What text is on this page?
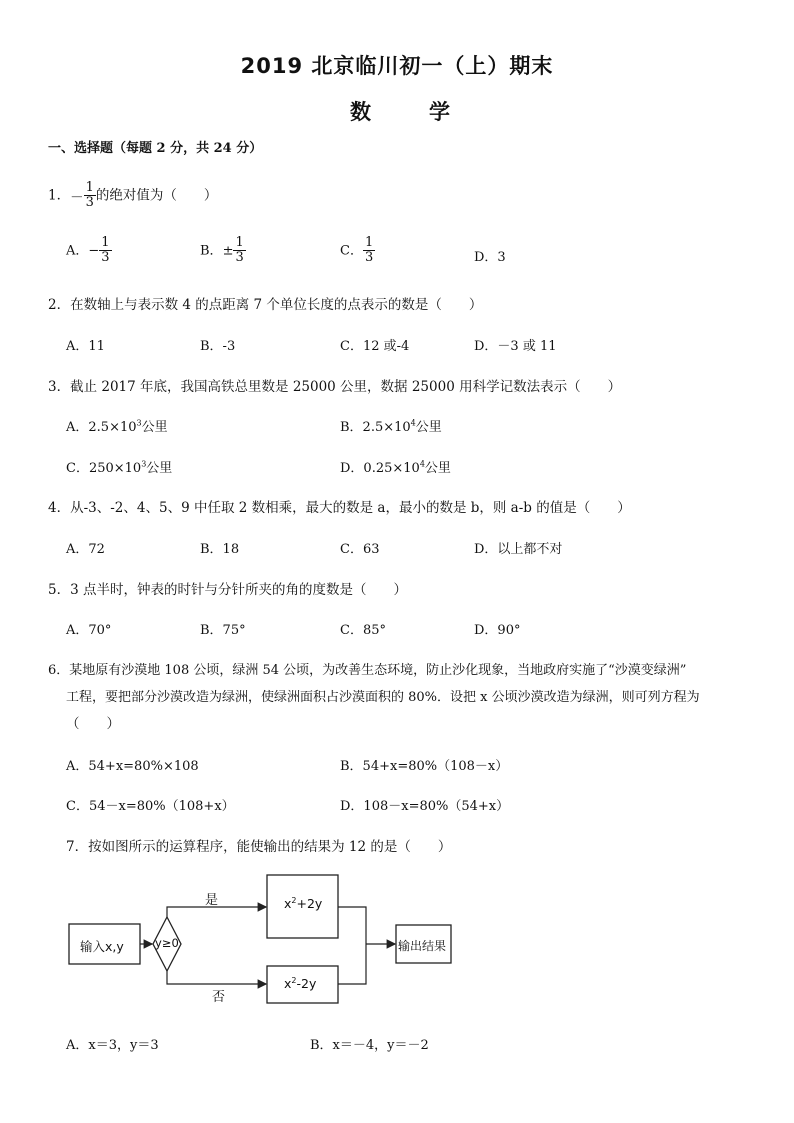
2019 北京临川初一（上）期末
数	学
一、选择题（每题 2 分，共 24 分）
1．－ $\frac{1}{3}$ 的绝对值为（　　）
A．− $\frac{1}{3}$	B．± $\frac{1}{3}$	C． $\frac{1}{3}$	D．3
2．在数轴上与表示数 4 的点距离 7 个单位长度的点表示的数是（　　）
A．11	B．-3	C．12 或-4	D．－3 或 11
3．截止 2017 年底，我国高铁总里数是 25000 公里，数据 25000 用科学记数法表示（　　）
A．$2.5\times 10^3$公里	B．$2.5\times 10^4$公里
C．$250\times 10^3$公里	D．$0.25\times 10^4$公里
4．从-3、-2、4、5、9 中任取 2 数相乘，最大的数是 a，最小的数是 b，则 a-b 的值是（　　）
A．72	B．18	C．63	D．以上都不对
5．3 点半时，钟表的时针与分针所夹的角的度数是（　　）
A．70°	B．75°	C．85°	D．90°
6．某地原有沙漠地 108 公顷，绿洲 54 公顷，为改善生态环境，防止沙化现象，当地政府实施了“沙漠变绿洲”
工程，要把部分沙漠改造为绿洲，使绿洲面积占沙漠面积的 80%．设把 x 公顷沙漠改造为绿洲，则可列方程为
（　　）
A．54+x=80%×108	B．54+x=80%（108－x）
C．54－x=80%（108+x）	D．108－x=80%（54+x）
7．按如图所示的运算程序，能使输出的结果为 12 的是（　　）
输入x,y	y≥0
是
否
$x^2+2y$
$x^2-2y$
输出结果
A．x＝3，y＝3	B．x＝－4，y＝－2
